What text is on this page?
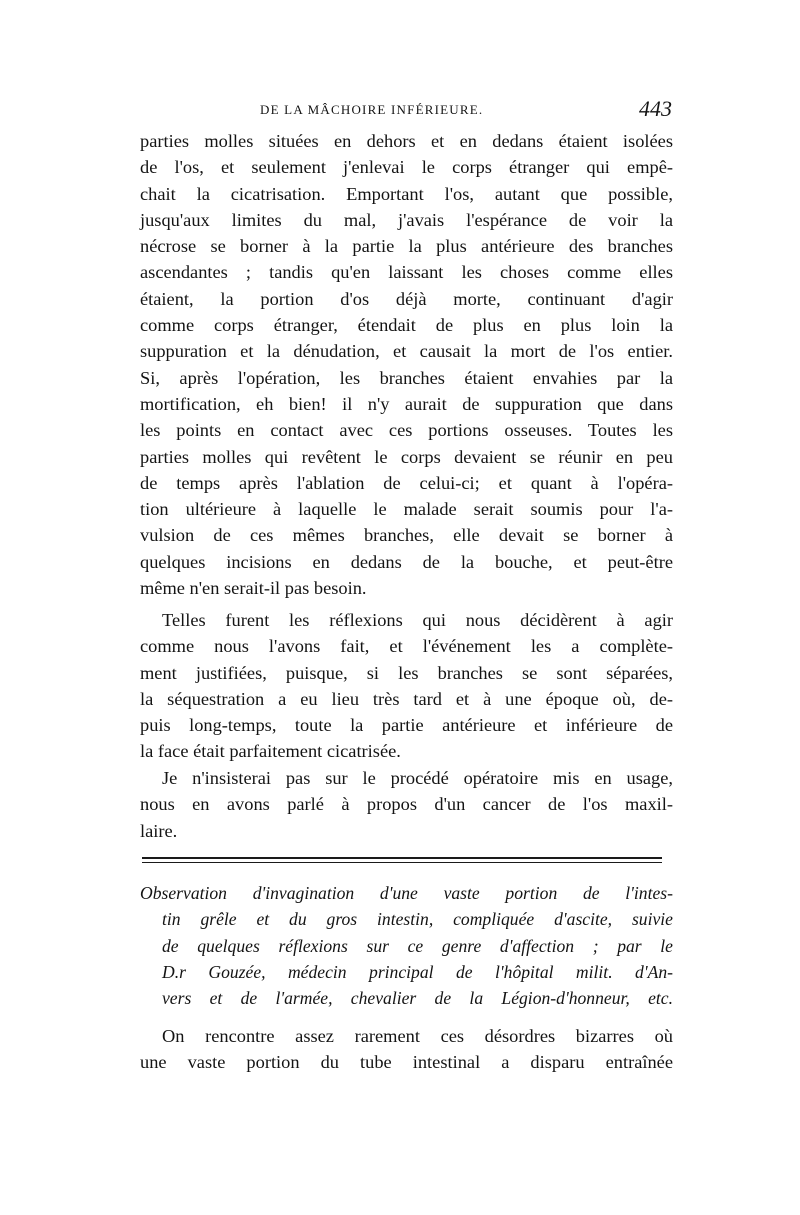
DE LA MÂCHOIRE INFÉRIEURE.	443
parties molles situées en dehors et en dedans étaient isolées
de l'os, et seulement j'enlevai le corps étranger qui empê-
chait la cicatrisation. Emportant l'os, autant que possible,
jusqu'aux limites du mal, j'avais l'espérance de voir la
nécrose se borner à la partie la plus antérieure des branches
ascendantes ; tandis qu'en laissant les choses comme elles
étaient, la portion d'os déjà morte, continuant d'agir
comme corps étranger, étendait de plus en plus loin la
suppuration et la dénudation, et causait la mort de l'os entier.
Si, après l'opération, les branches étaient envahies par la
mortification, eh bien! il n'y aurait de suppuration que dans
les points en contact avec ces portions osseuses. Toutes les
parties molles qui revêtent le corps devaient se réunir en peu
de temps après l'ablation de celui-ci; et quant à l'opéra-
tion ultérieure à laquelle le malade serait soumis pour l'a-
vulsion de ces mêmes branches, elle devait se borner à
quelques incisions en dedans de la bouche, et peut-être
même n'en serait-il pas besoin.
Telles furent les réflexions qui nous décidèrent à agir
comme nous l'avons fait, et l'événement les a complète-
ment justifiées, puisque, si les branches se sont séparées,
la séquestration a eu lieu très tard et à une époque où, de-
puis long-temps, toute la partie antérieure et inférieure de
la face était parfaitement cicatrisée.
Je n'insisterai pas sur le procédé opératoire mis en usage,
nous en avons parlé à propos d'un cancer de l'os maxil-
laire.
Observation d'invagination d'une vaste portion de l'intes-
tin grêle et du gros intestin, compliquée d'ascite, suivie
de quelques réflexions sur ce genre d'affection ; par le
D.r Gouzée, médecin principal de l'hôpital milit. d'An-
vers et de l'armée, chevalier de la Légion-d'honneur, etc.
On rencontre assez rarement ces désordres bizarres où
une vaste portion du tube intestinal a disparu entraînée
